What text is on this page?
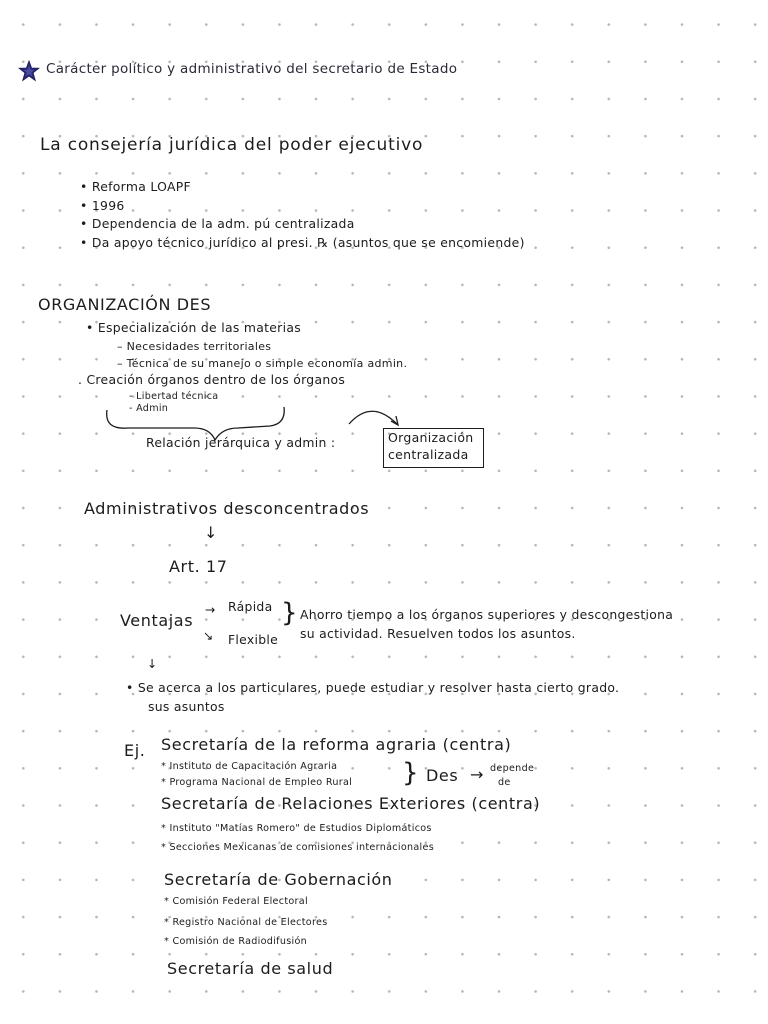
Carácter político y administrativo del secretario de Estado
La consejería jurídica del poder ejecutivo
• Reforma LOAPF
• 1996
• Dependencia de la adm. pú centralizada
• Da apoyo técnico jurídico al presi. ℞ (asuntos que se encomiende)
ORGANIZACIÓN DES
• Especialización de las materias
– Necesidades territoriales
– Técnica de su manejo o simple economía admin.
. Creación órganos dentro de los órganos
- Libertad técnica
- Admin
Relación jerárquica y admin :	Organización
centralizada
Administrativos desconcentrados
↓
Art. 17
Ventajas
→
↘
Rápida
Flexible
} Ahorro tiempo a los órganos superiores y descongestiona
su actividad. Resuelven todos los asuntos.
↓
• Se acerca a los particulares, puede estudiar y resolver hasta cierto grado.
sus asuntos
Ej. Secretaría de la reforma agraria (centra)
* Instituto de Capacitación Agraria
* Programa Nacional de Empleo Rural } Des → depende
de
Secretaría de Relaciones Exteriores (centra)
* Instituto "Matías Romero" de Estudios Diplomáticos
* Secciones Mexicanas de comisiones internacionales
Secretaría de Gobernación
* Comisión Federal Electoral
* Registro Nacional de Electores
* Comisión de Radiodifusión
Secretaría de salud
